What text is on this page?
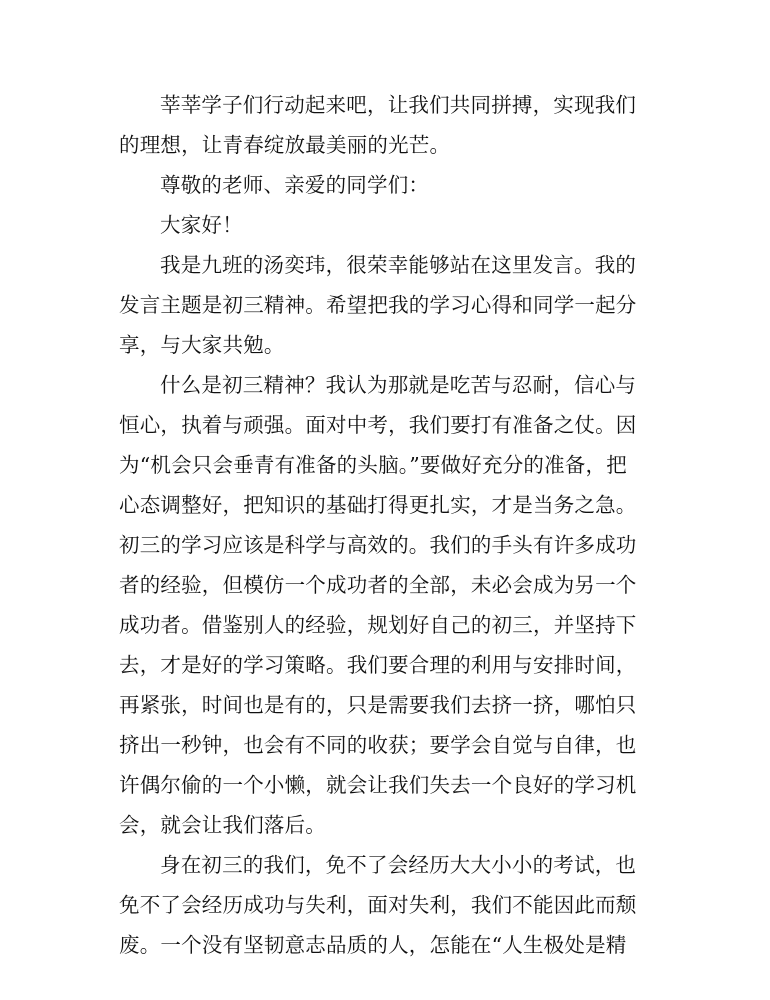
莘莘学子们行动起来吧，让我们共同拼搏，实现我们
的理想，让青春绽放最美丽的光芒。
尊敬的老师、亲爱的同学们：
大家好！
我是九班的汤奕玮，很荣幸能够站在这里发言。我的
发言主题是初三精神。希望把我的学习心得和同学一起分
享，与大家共勉。
什么是初三精神？我认为那就是吃苦与忍耐，信心与
恒心，执着与顽强。面对中考，我们要打有准备之仗。因
为“机会只会垂青有准备的头脑。”要做好充分的准备，把
心态调整好，把知识的基础打得更扎实，才是当务之急。
初三的学习应该是科学与高效的。我们的手头有许多成功
者的经验，但模仿一个成功者的全部，未必会成为另一个
成功者。借鉴别人的经验，规划好自己的初三，并坚持下
去，才是好的学习策略。我们要合理的利用与安排时间，
再紧张，时间也是有的，只是需要我们去挤一挤，哪怕只
挤出一秒钟，也会有不同的收获；要学会自觉与自律，也
许偶尔偷的一个小懒，就会让我们失去一个良好的学习机
会，就会让我们落后。
身在初三的我们，免不了会经历大大小小的考试，也
免不了会经历成功与失利，面对失利，我们不能因此而颓
废。一个没有坚韧意志品质的人，怎能在“人生极处是精
